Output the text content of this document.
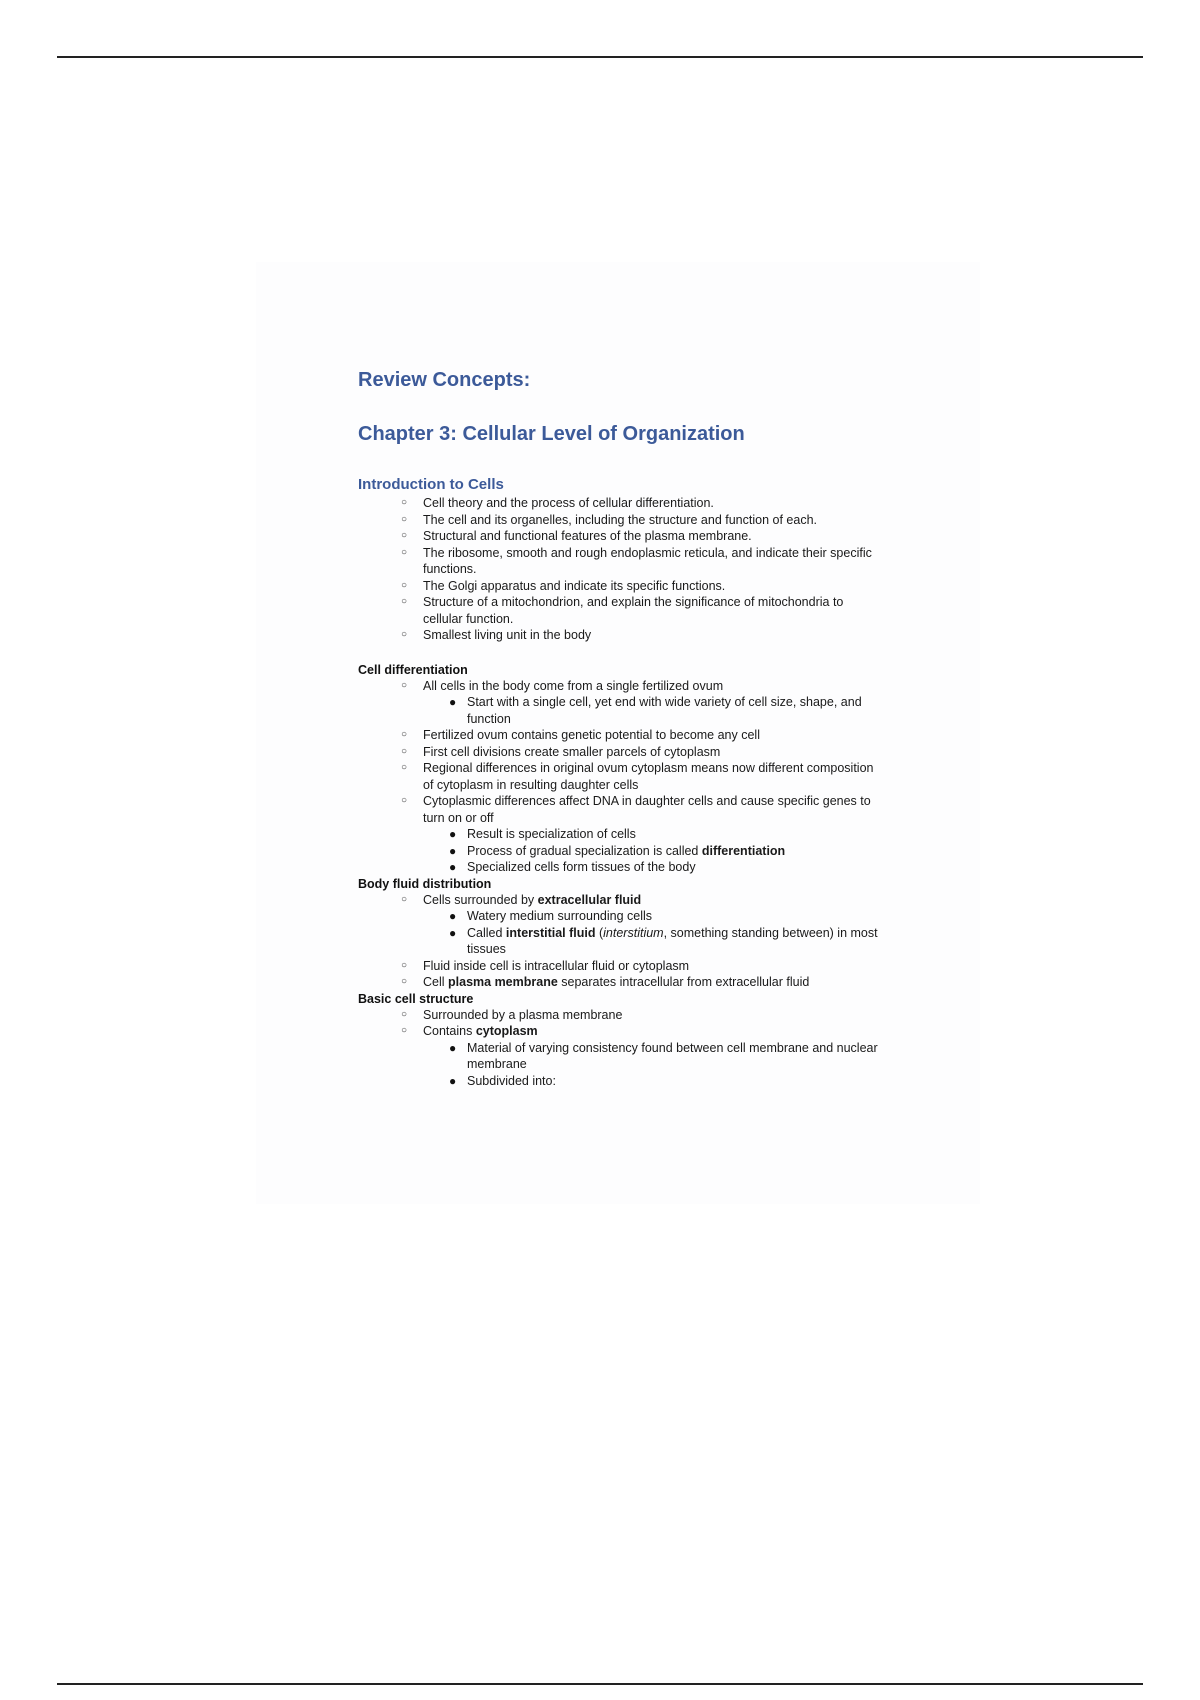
Review Concepts:
Chapter 3: Cellular Level of Organization
Introduction to Cells
○ Cell theory and the process of cellular differentiation.
○ The cell and its organelles, including the structure and function of each.
○ Structural and functional features of the plasma membrane.
○ The ribosome, smooth and rough endoplasmic reticula, and indicate their specific functions.
○ The Golgi apparatus and indicate its specific functions.
○ Structure of a mitochondrion, and explain the significance of mitochondria to cellular function.
○ Smallest living unit in the body
Cell differentiation
○ All cells in the body come from a single fertilized ovum
● Start with a single cell, yet end with wide variety of cell size, shape, and function
○ Fertilized ovum contains genetic potential to become any cell
○ First cell divisions create smaller parcels of cytoplasm
○ Regional differences in original ovum cytoplasm means now different composition of cytoplasm in resulting daughter cells
○ Cytoplasmic differences affect DNA in daughter cells and cause specific genes to turn on or off
● Result is specialization of cells
● Process of gradual specialization is called differentiation
● Specialized cells form tissues of the body
Body fluid distribution
○ Cells surrounded by extracellular fluid
● Watery medium surrounding cells
● Called interstitial fluid (interstitium, something standing between) in most tissues
○ Fluid inside cell is intracellular fluid or cytoplasm
○ Cell plasma membrane separates intracellular from extracellular fluid
Basic cell structure
○ Surrounded by a plasma membrane
○ Contains cytoplasm
● Material of varying consistency found between cell membrane and nuclear membrane
● Subdivided into:
